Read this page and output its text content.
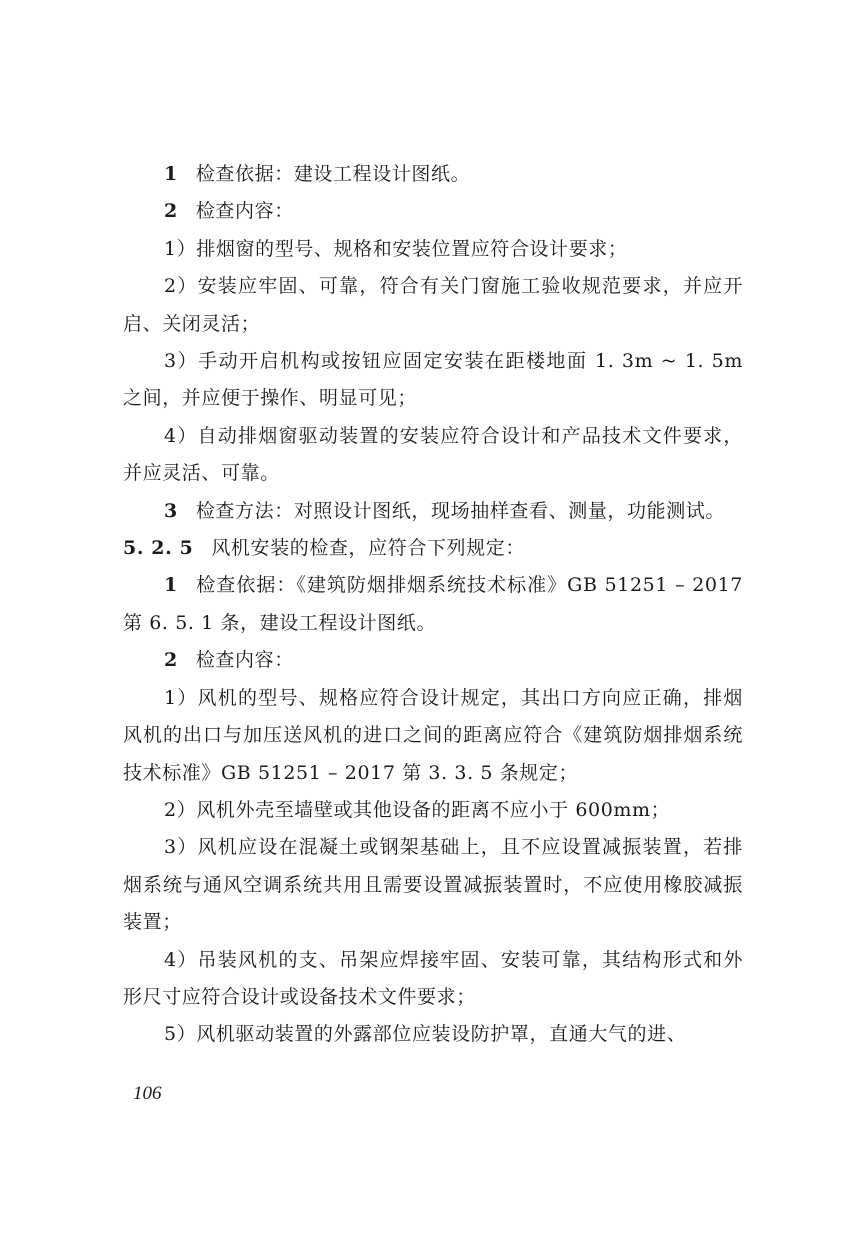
1 检查依据：建设工程设计图纸。

2 检查内容：

1）排烟窗的型号、规格和安装位置应符合设计要求；

2）安装应牢固、可靠，符合有关门窗施工验收规范要求，并应开启、关闭灵活；

3）手动开启机构或按钮应固定安装在距楼地面 1. 3m ~ 1. 5m 之间，并应便于操作、明显可见；

4）自动排烟窗驱动装置的安装应符合设计和产品技术文件要求，并应灵活、可靠。

3 检查方法：对照设计图纸，现场抽样查看、测量，功能测试。

5. 2. 5 风机安装的检查，应符合下列规定：

1 检查依据：《建筑防烟排烟系统技术标准》GB 51251 – 2017 第 6. 5. 1 条，建设工程设计图纸。

2 检查内容：

1）风机的型号、规格应符合设计规定，其出口方向应正确，排烟风机的出口与加压送风机的进口之间的距离应符合《建筑防烟排烟系统技术标准》GB 51251 – 2017 第 3. 3. 5 条规定；

2）风机外壳至墙壁或其他设备的距离不应小于 600mm；

3）风机应设在混凝土或钢架基础上，且不应设置减振装置，若排烟系统与通风空调系统共用且需要设置减振装置时，不应使用橡胶减振装置；

4）吊装风机的支、吊架应焊接牢固、安装可靠，其结构形式和外形尺寸应符合设计或设备技术文件要求；

5）风机驱动装置的外露部位应装设防护罩，直通大气的进、

106
